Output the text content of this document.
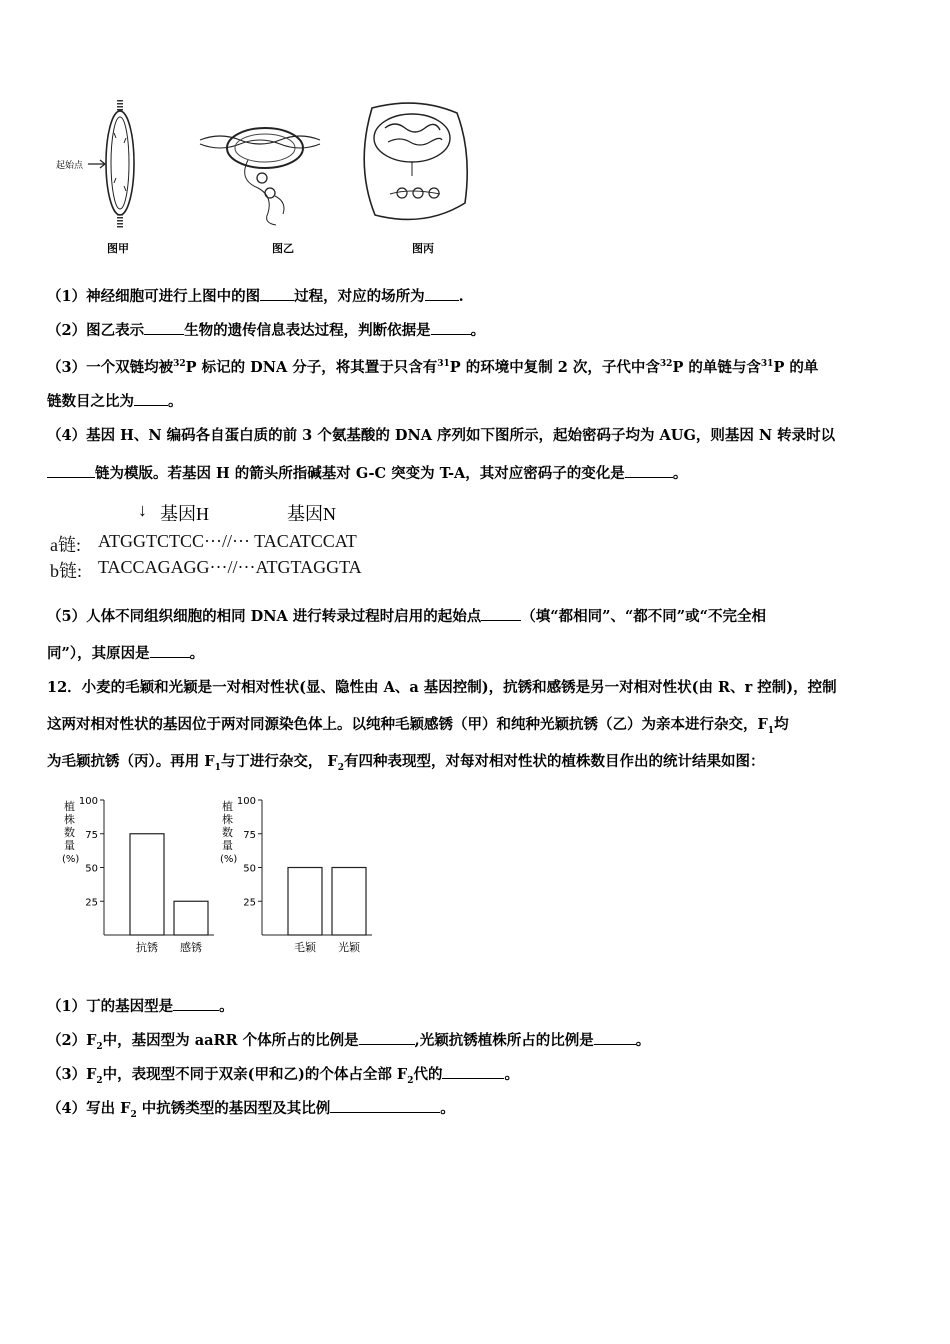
起始点
图甲	图乙	图丙
（1）神经细胞可进行上图中的图 过程，对应的场所为 .
（2）图乙表示	生物的遗传信息表达过程，判断依据是	。
（3）一个双链均被$^{32}$P 标记的 DNA 分子，将其置于只含有$^{31}$P 的环境中复制 2 次，子代中含$^{32}$P 的单链与含$^{31}$P 的单
链数目之比为 。
（4）基因 H、N 编码各自蛋白质的前 3 个氨基酸的 DNA 序列如下图所示，起始密码子均为 AUG，则基因 N 转录时以
链为模版。若基因 H 的箭头所指碱基对 G-C 突变为 T-A，其对应密码子的变化是	。
↓ 基因H	基因N
a链: ATGGTCTCC···//··· TACATCCAT
b链: TACCAGAGG···//···ATGTAGGTA
（5）人体不同组织细胞的相同 DNA 进行转录过程时启用的起始点	（填“都相同”、“都不同”或“不完全相
同”），其原因是	。
12．小麦的毛颖和光颖是一对相对性状(显、隐性由 A、a 基因控制)，抗锈和感锈是另一对相对性状(由 R、r 控制)，控制
这两对相对性状的基因位于两对同源染色体上。以纯种毛颖感锈（甲）和纯种光颖抗锈（乙）为亲本进行杂交，$F_1$均
为毛颖抗锈（丙）。再用 $F_1$与丁进行杂交， $F_2$有四种表现型，对每对相对性状的植株数目作出的统计结果如图：
植
株
数
量
(%)
100
75
50
25
抗锈 感锈
植
株
数
量
(%)
100
75
50
25
毛颖 光颖
（1）丁的基因型是	。
$(2)F_2$中，基因型为 aaRR 个体所占的比例是	,光颖抗锈植株所占的比例是	。
$(3)F_2$中，表现型不同于双亲(甲和乙)的个体占全部 $F_2$代的	。
（4）写出 $F_2$ 中抗锈类型的基因型及其比例	。
